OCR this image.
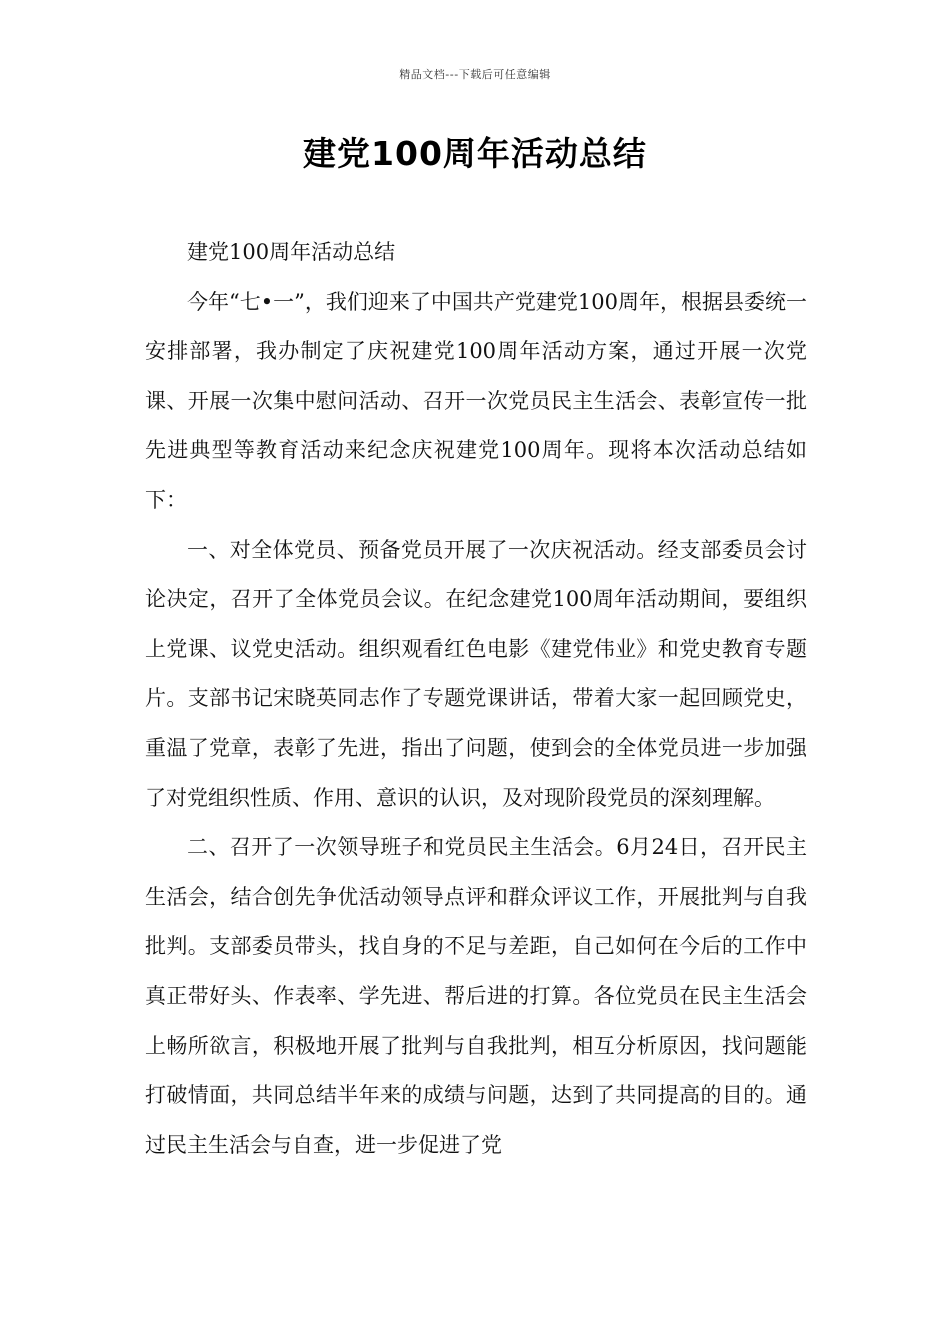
精品文档---下载后可任意编辑
建党100周年活动总结

建党100周年活动总结

今年“七•一”，我们迎来了中国共产党建党100周年，根据县委统一安排部署，我办制定了庆祝建党100周年活动方案，通过开展一次党课、开展一次集中慰问活动、召开一次党员民主生活会、表彰宣传一批先进典型等教育活动来纪念庆祝建党100周年。现将本次活动总结如下：

一、对全体党员、预备党员开展了一次庆祝活动。经支部委员会讨论决定，召开了全体党员会议。在纪念建党100周年活动期间，要组织上党课、议党史活动。组织观看红色电影《建党伟业》和党史教育专题片。支部书记宋晓英同志作了专题党课讲话，带着大家一起回顾党史，重温了党章，表彰了先进，指出了问题，使到会的全体党员进一步加强了对党组织性质、作用、意识的认识，及对现阶段党员的深刻理解。

二、召开了一次领导班子和党员民主生活会。6月24日，召开民主生活会，结合创先争优活动领导点评和群众评议工作，开展批判与自我批判。支部委员带头，找自身的不足与差距，自己如何在今后的工作中真正带好头、作表率、学先进、帮后进的打算。各位党员在民主生活会上畅所欲言，积极地开展了批判与自我批判，相互分析原因，找问题能打破情面，共同总结半年来的成绩与问题，达到了共同提高的目的。通过民主生活会与自查，进一步促进了党
